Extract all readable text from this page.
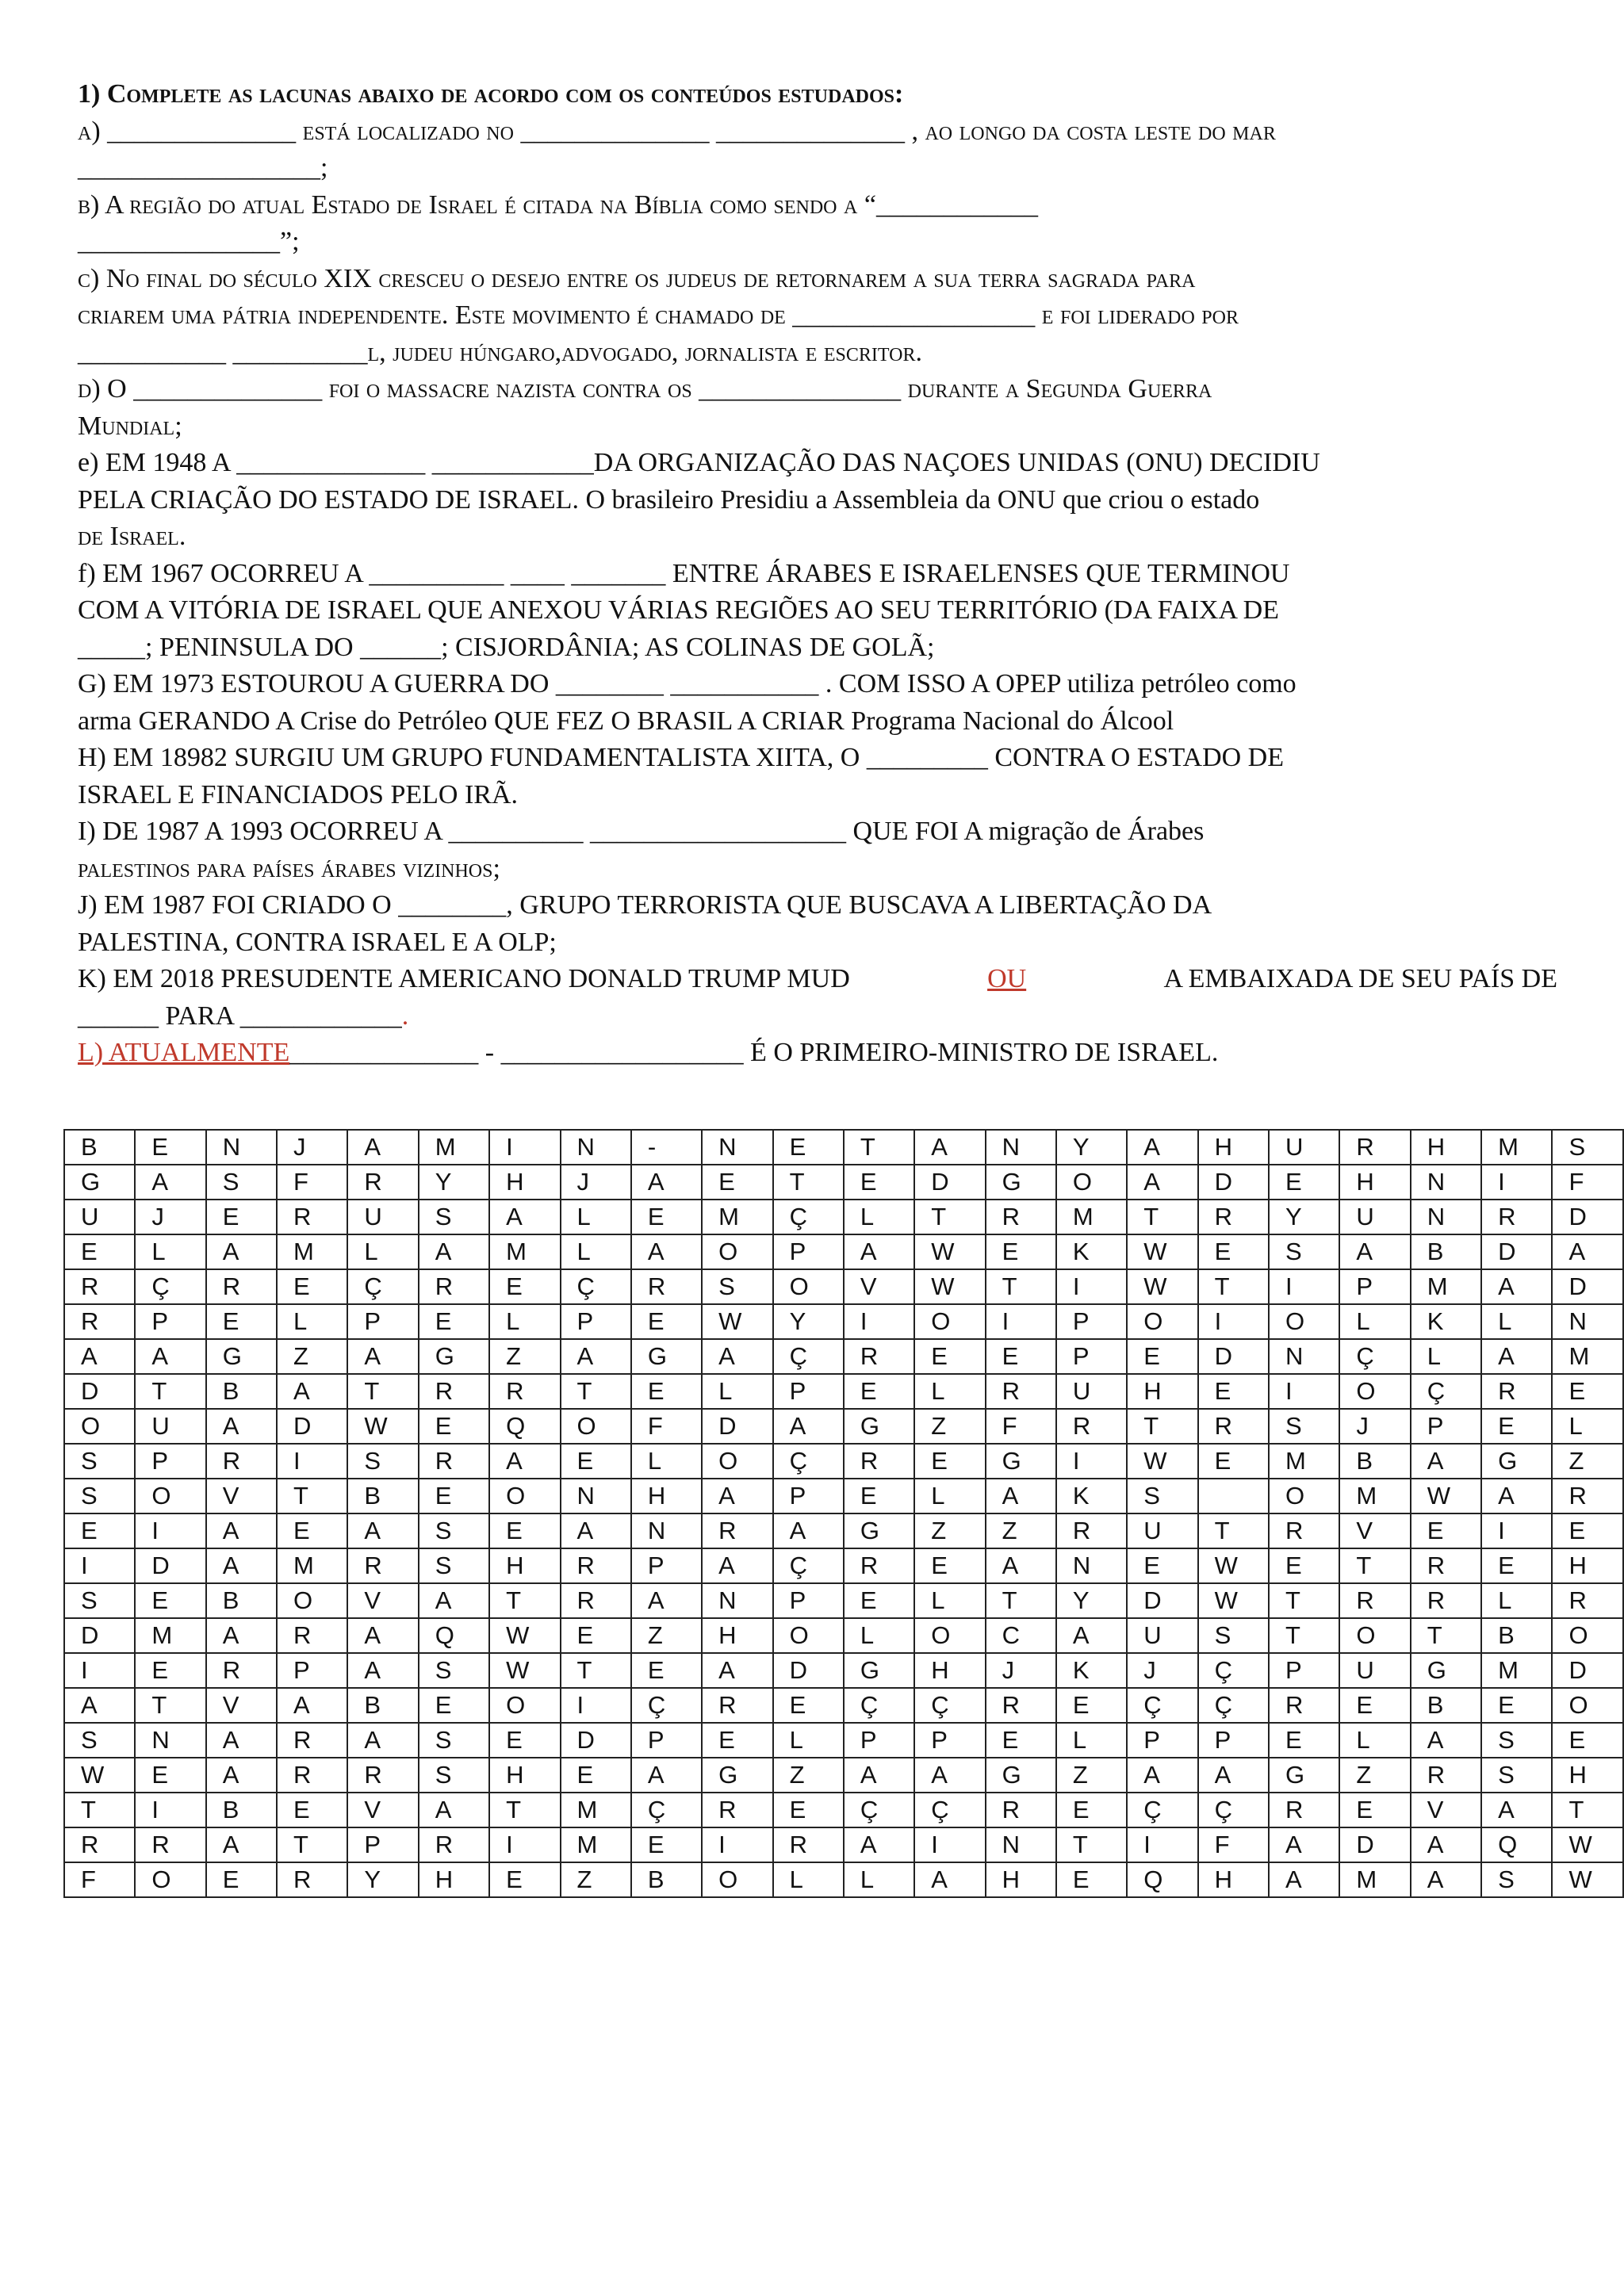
1) Complete as lacunas abaixo de acordo com os conteúdos estudados:
a) ______________ está localizado no ______________ ______________ , ao longo da costa leste do mar
__________________;
b) A região do atual Estado de Israel é citada na Bíblia como sendo a “____________
_______________”;
c) No final do século XIX cresceu o desejo entre os judeus de retornarem a sua terra sagrada para
criarem uma pátria independente. Este movimento é chamado de __________________ e foi liderado por
___________ __________l, judeu húngaro,advogado, jornalista e escritor.
d) O ______________ foi o massacre nazista contra os _______________ durante a Segunda Guerra
Mundial;
e) EM 1948 A ______________ ____________DA ORGANIZAÇÃO DAS NAÇOES UNIDAS (ONU) DECIDIU
PELA CRIAÇÃO DO ESTADO DE ISRAEL. O brasileiro Presidiu a Assembleia da ONU que criou o estado
de Israel.
f) EM 1967 OCORREU A __________ ____ _______ ENTRE ÁRABES E ISRAELENSES QUE TERMINOU
COM A VITÓRIA DE ISRAEL QUE ANEXOU VÁRIAS REGIÕES AO SEU TERRITÓRIO (DA FAIXA DE
_____; PENINSULA DO ______; CISJORDÂNIA; AS COLINAS DE GOLÃ;
G) EM 1973 ESTOUROU A GUERRA DO ________ ___________ . COM ISSO A OPEP utiliza petróleo como
arma GERANDO A Crise do Petróleo QUE FEZ O BRASIL A CRIAR Programa Nacional do Álcool
H) EM 18982 SURGIU UM GRUPO FUNDAMENTALISTA XIITA, O _________ CONTRA O ESTADO DE
ISRAEL E FINANCIADOS PELO IRÃ.
I) DE 1987 A 1993 OCORREU A __________ ___________________ QUE FOI A migração de Árabes
palestinos para países árabes vizinhos;
J) EM 1987 FOI CRIADO O ________, GRUPO TERRORISTA QUE BUSCAVA A LIBERTAÇÃO DA
PALESTINA, CONTRA ISRAEL E A OLP;
K) EM 2018 PRESUDENTE AMERICANO DONALD TRUMP MUD	OU	A EMBAIXADA DE SEU PAÍS DE
______ PARA ____________ .
L) ATUALMENTE ______________ - __________________ É O PRIMEIRO-MINISTRO DE ISRAEL.
B	E	N	J	A	M	I	N	-	N	E	T	A	N	Y	A	H	U	R	H	M	S
G	A	S	F	R	Y	H	J	A	E	T	E	D	G	O	A	D	E	H	N	I	F
U	J	E	R	U	S	A	L	E	M	Ç	L	T	R	M	T	R	Y	U	N	R	D
E	L	A	M	L	A	M	L	A	O	P	A	W	E	K	W	E	S	A	B	D	A
R	Ç	R	E	Ç	R	E	Ç	R	S	O	V	W	T	I	W	T	I	P	M	A	D
R	P	E	L	P	E	L	P	E	W	Y	I	O	I	P	O	I	O	L	K	L	N
A	A	G	Z	A	G	Z	A	G	A	Ç	R	E	E	P	E	D	N	Ç	L	A	M
D	T	B	A	T	R	R	T	E	L	P	E	L	R	U	H	E	I	O	Ç	R	E
O	U	A	D	W	E	Q	O	F	D	A	G	Z	F	R	T	R	S	J	P	E	L
S	P	R	I	S	R	A	E	L	O	Ç	R	E	G	I	W	E	M	B	A	G	Z
S	O	V	T	B	E	O	N	H	A	P	E	L	A	K	S		O	M	W	A	R
E	I	A	E	A	S	E	A	N	R	A	G	Z	Z	R	U	T	R	V	E	I	E
I	D	A	M	R	S	H	R	P	A	Ç	R	E	A	N	E	W	E	T	R	E	H
S	E	B	O	V	A	T	R	A	N	P	E	L	T	Y	D	W	T	R	R	L	R
D	M	A	R	A	Q	W	E	Z	H	O	L	O	C	A	U	S	T	O	T	B	O
I	E	R	P	A	S	W	T	E	A	D	G	H	J	K	J	Ç	P	U	G	M	D
A	T	V	A	B	E	O	I	Ç	R	E	Ç	Ç	R	E	Ç	Ç	R	E	B	E	O
S	N	A	R	A	S	E	D	P	E	L	P	P	E	L	P	P	E	L	A	S	E
W	E	A	R	R	S	H	E	A	G	Z	A	A	G	Z	A	A	G	Z	R	S	H
T	I	B	E	V	A	T	M	Ç	R	E	Ç	Ç	R	E	Ç	Ç	R	E	V	A	T
R	R	A	T	P	R	I	M	E	I	R	A	I	N	T	I	F	A	D	A	Q	W
F	O	E	R	Y	H	E	Z	B	O	L	L	A	H	E	Q	H	A	M	A	S	W
